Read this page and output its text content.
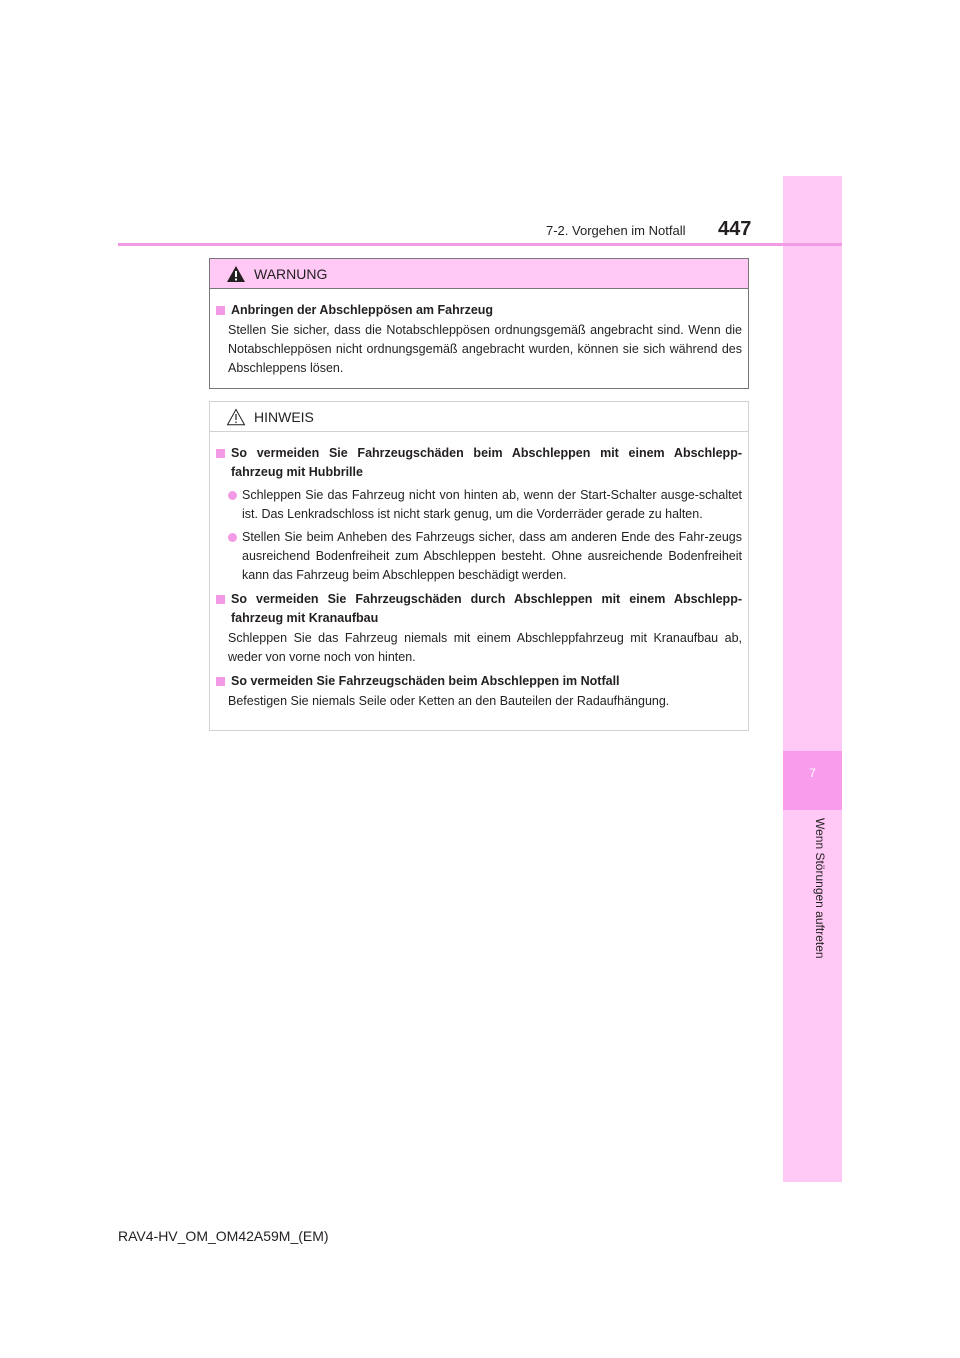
7
Wenn Störungen auftreten
7-2. Vorgehen im Notfall 447
WARNUNG
Anbringen der Abschleppösen am Fahrzeug
Stellen Sie sicher, dass die Notabschleppösen ordnungsgemäß angebracht sind. Wenn die Notabschleppösen nicht ordnungsgemäß angebracht wurden, können sie sich während des Abschleppens lösen.
HINWEIS
So vermeiden Sie Fahrzeugschäden beim Abschleppen mit einem Abschlepp-fahrzeug mit Hubbrille
Schleppen Sie das Fahrzeug nicht von hinten ab, wenn der Start-Schalter ausge-schaltet ist. Das Lenkradschloss ist nicht stark genug, um die Vorderräder gerade zu halten.
Stellen Sie beim Anheben des Fahrzeugs sicher, dass am anderen Ende des Fahr-zeugs ausreichend Bodenfreiheit zum Abschleppen besteht. Ohne ausreichende Bodenfreiheit kann das Fahrzeug beim Abschleppen beschädigt werden.
So vermeiden Sie Fahrzeugschäden durch Abschleppen mit einem Abschlepp-fahrzeug mit Kranaufbau
Schleppen Sie das Fahrzeug niemals mit einem Abschleppfahrzeug mit Kranaufbau ab, weder von vorne noch von hinten.
So vermeiden Sie Fahrzeugschäden beim Abschleppen im Notfall
Befestigen Sie niemals Seile oder Ketten an den Bauteilen der Radaufhängung.
RAV4-HV_OM_OM42A59M_(EM)
